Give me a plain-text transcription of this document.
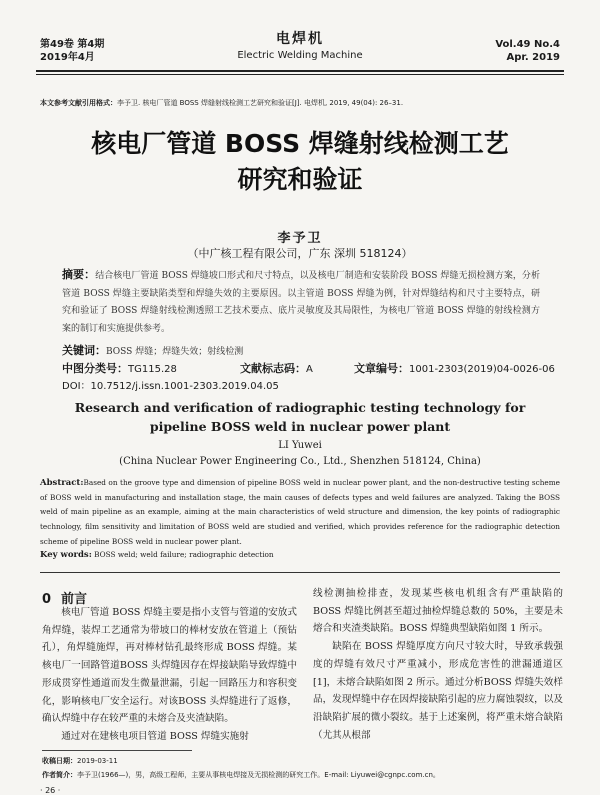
第49卷 第4期
2019年4月
电焊机
Electric Welding Machine
Vol.49 No.4
Apr. 2019
本文参考文献引用格式：李予卫. 核电厂管道 BOSS 焊缝射线检测工艺研究和验证[J]. 电焊机, 2019, 49(04): 26–31.
核电厂管道 BOSS 焊缝射线检测工艺
研究和验证
李予卫
（中广核工程有限公司，广东 深圳 518124）
摘要：结合核电厂管道 BOSS 焊缝坡口形式和尺寸特点，以及核电厂制造和安装阶段 BOSS 焊缝无损检测方案，分析管道 BOSS 焊缝主要缺陷类型和焊缝失效的主要原因。以主管道 BOSS 焊缝为例，针对焊缝结构和尺寸主要特点，研究和验证了 BOSS 焊缝射线检测透照工艺技术要点、底片灵敏度及其局限性，为核电厂管道 BOSS 焊缝的射线检测方案的制订和实施提供参考。
关键词：BOSS 焊缝；焊缝失效；射线检测
中图分类号：TG115.28	文献标志码：A	文章编号：1001-2303(2019)04-0026-06
DOI：10.7512/j.issn.1001-2303.2019.04.05
Research and verification of radiographic testing technology for
pipeline BOSS weld in nuclear power plant
LI Yuwei
(China Nuclear Power Engineering Co., Ltd., Shenzhen 518124, China)
Abstract:Based on the groove type and dimension of pipeline BOSS weld in nuclear power plant, and the non-destructive testing scheme of BOSS weld in manufacturing and installation stage, the main causes of defects types and weld failures are analyzed. Taking the BOSS weld of main pipeline as an example, aiming at the main characteristics of weld structure and dimension, the key points of radiographic technology, film sensitivity and limitation of BOSS weld are studied and verified, which provides reference for the radiographic detection scheme of pipeline BOSS weld in nuclear power plant.
Key words: BOSS weld; weld failure; radiographic detection
0 前言

核电厂管道 BOSS 焊缝主要是指小支管与管道的安放式角焊缝，装焊工艺通常为带坡口的棒材安放在管道上（预钻孔），角焊缝施焊，再对棒材钻孔最终形成 BOSS 焊缝。某核电厂一回路管道BOSS 头焊缝因存在焊接缺陷导致焊缝中形成贯穿性通道而发生微量泄漏，引起一回路压力和容积变化，影响核电厂安全运行。对该BOSS 头焊缝进行了返修，确认焊缝中存在较严重的未熔合及夹渣缺陷。

通过对在建核电项目管道 BOSS 焊缝实施射

线检测抽检排查，发现某些核电机组含有严重缺陷的 BOSS 焊缝比例甚至超过抽检焊缝总数的 50%，主要是未熔合和夹渣类缺陷。BOSS 焊缝典型缺陷如图 1 所示。

缺陷在 BOSS 焊缝厚度方向尺寸较大时，导致承载强度的焊缝有效尺寸严重减小，形成危害性的泄漏通道区[1]，未熔合缺陷如图 2 所示。通过分析BOSS 焊缝失效样品，发现焊缝中存在因焊接缺陷引起的应力腐蚀裂纹，以及沿缺陷扩展的微小裂纹。基于上述案例，将严重未熔合缺陷（尤其从根部

收稿日期：2019-03-11
作者简介：李予卫(1966—)，男，高级工程师，主要从事核电焊接及无损检测的研究工作。E-mail: Liyuwei@cgnpc.com.cn。
· 26 ·
